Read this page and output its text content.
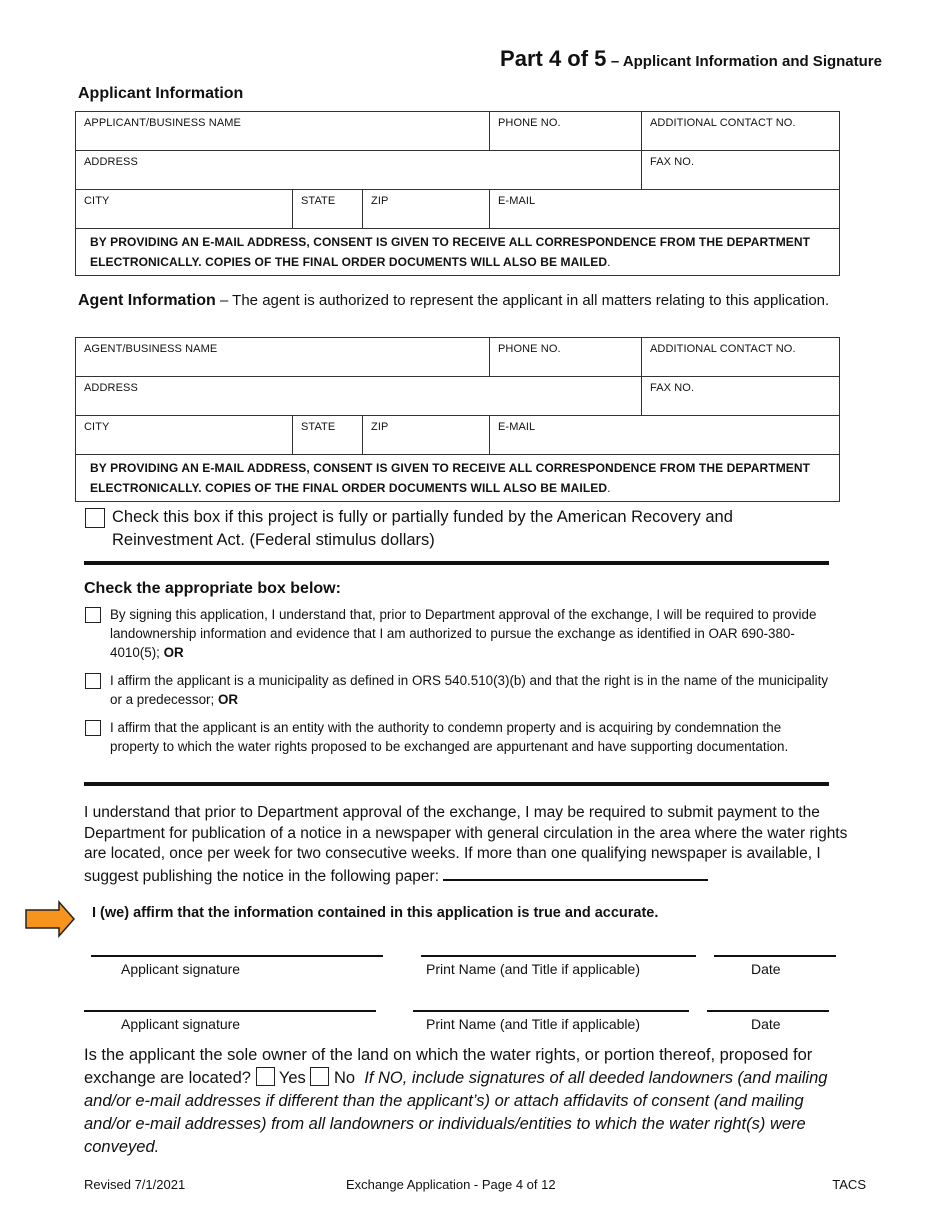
Part 4 of 5 – Applicant Information and Signature
Applicant Information
APPLICANT/BUSINESS NAME			PHONE NO.	ADDITIONAL CONTACT NO.
ADDRESS				FAX NO.
CITY	STATE	ZIP	E-MAIL	
BY PROVIDING AN E-MAIL ADDRESS, CONSENT IS GIVEN TO RECEIVE ALL CORRESPONDENCE FROM THE DEPARTMENT
ELECTRONICALLY. COPIES OF THE FINAL ORDER DOCUMENTS WILL ALSO BE MAILED.				
Agent Information – The agent is authorized to represent the applicant in all matters relating to this application.
AGENT/BUSINESS NAME			PHONE NO.	ADDITIONAL CONTACT NO.
ADDRESS				FAX NO.
CITY	STATE	ZIP	E-MAIL	
BY PROVIDING AN E-MAIL ADDRESS, CONSENT IS GIVEN TO RECEIVE ALL CORRESPONDENCE FROM THE DEPARTMENT
ELECTRONICALLY. COPIES OF THE FINAL ORDER DOCUMENTS WILL ALSO BE MAILED.				
Check this box if this project is fully or partially funded by the American Recovery and Reinvestment Act. (Federal stimulus dollars)
Check the appropriate box below:
By signing this application, I understand that, prior to Department approval of the exchange, I will be required to provide landownership information and evidence that I am authorized to pursue the exchange as identified in OAR 690-380-4010(5); OR
I affirm the applicant is a municipality as defined in ORS 540.510(3)(b) and that the right is in the name of the municipality or a predecessor; OR
I affirm that the applicant is an entity with the authority to condemn property and is acquiring by condemnation the property to which the water rights proposed to be exchanged are appurtenant and have supporting documentation.
I understand that prior to Department approval of the exchange, I may be required to submit payment to the Department for publication of a notice in a newspaper with general circulation in the area where the water rights are located, once per week for two consecutive weeks. If more than one qualifying newspaper is available, I suggest publishing the notice in the following paper:
I (we) affirm that the information contained in this application is true and accurate.
Applicant signature	Print Name (and Title if applicable)	Date
Applicant signature	Print Name (and Title if applicable)	Date
Is the applicant the sole owner of the land on which the water rights, or portion thereof, proposed for exchange are located? Yes No If NO, include signatures of all deeded landowners (and mailing and/or e-mail addresses if different than the applicant’s) or attach affidavits of consent (and mailing and/or e-mail addresses) from all landowners or individuals/entities to which the water right(s) were conveyed.
Revised 7/1/2021	Exchange Application - Page 4 of 12	TACS
